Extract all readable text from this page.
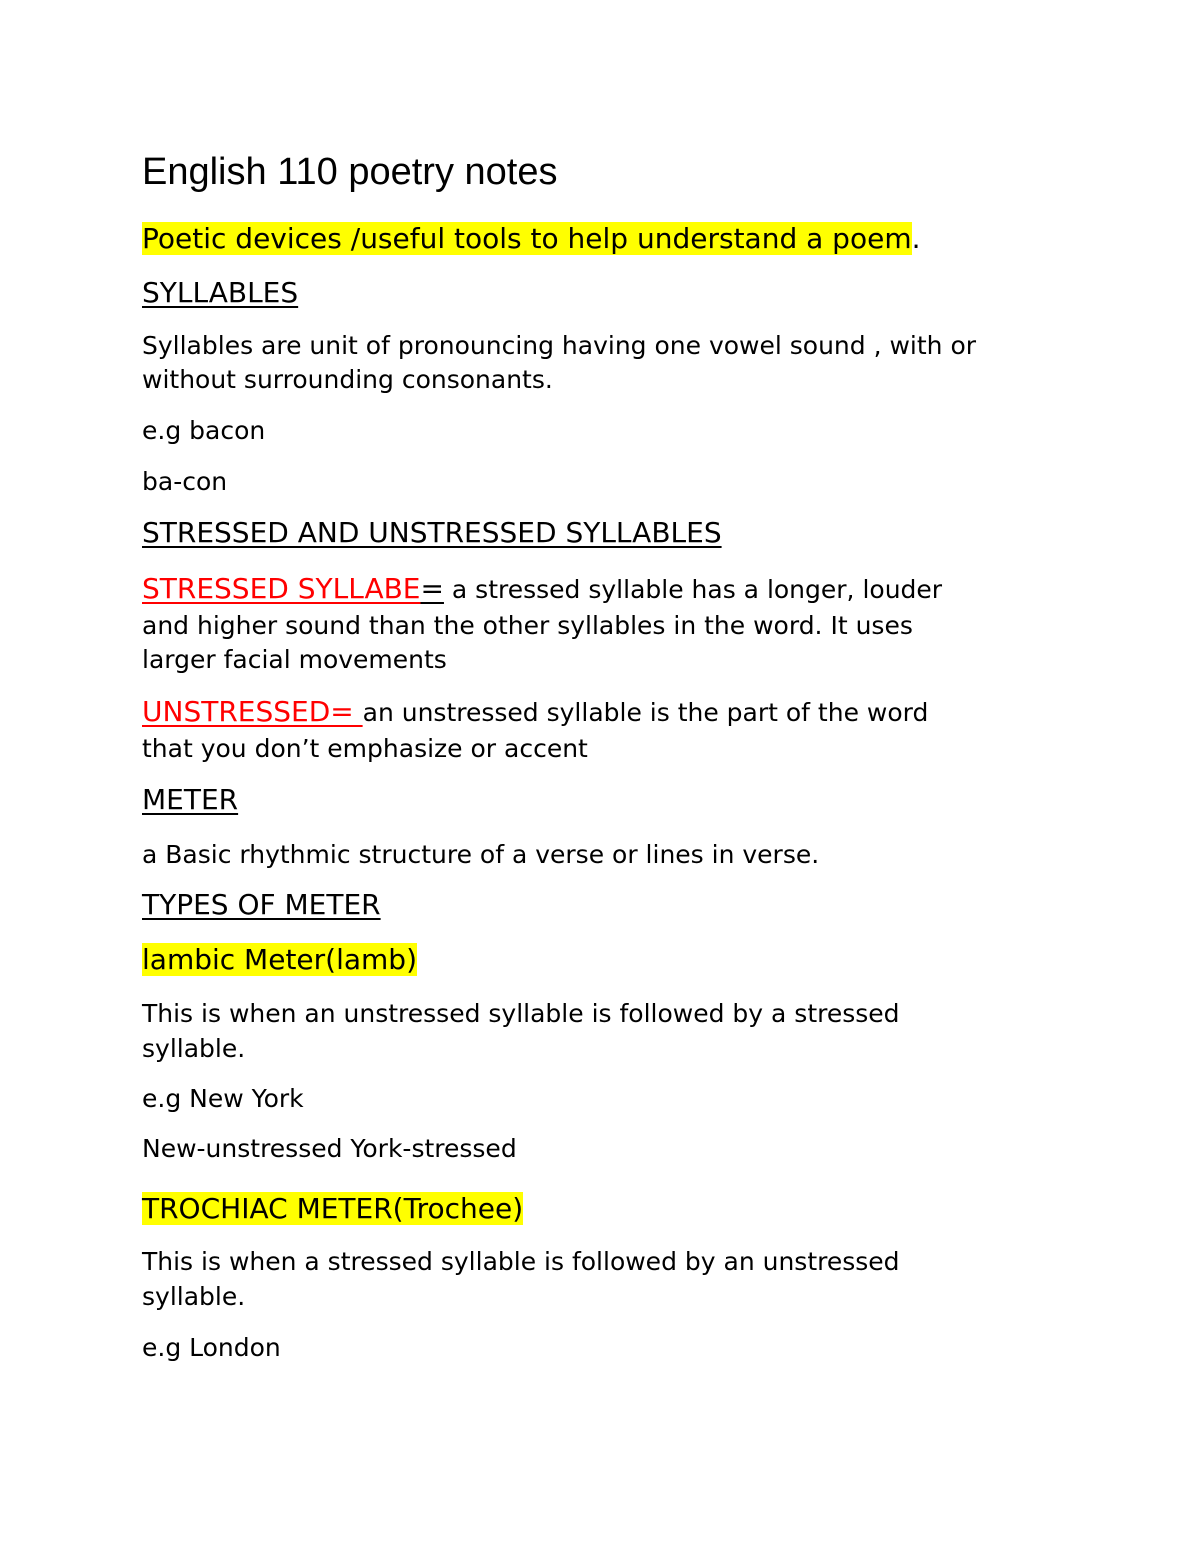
English 110 poetry notes
Poetic devices /useful tools to help understand a poem.
SYLLABLES
Syllables are unit of pronouncing having one vowel sound , with or
without surrounding consonants.
e.g bacon
ba-con
STRESSED AND UNSTRESSED SYLLABLES
STRESSED SYLLABE= a stressed syllable has a longer, louder
and higher sound than the other syllables in the word. It uses
larger facial movements
UNSTRESSED= an unstressed syllable is the part of the word
that you don’t emphasize or accent
METER
a Basic rhythmic structure of a verse or lines in verse.
TYPES OF METER
lambic Meter(lamb)
This is when an unstressed syllable is followed by a stressed
syllable.
e.g New York
New-unstressed York-stressed
TROCHIAC METER(Trochee)
This is when a stressed syllable is followed by an unstressed
syllable.
e.g London
